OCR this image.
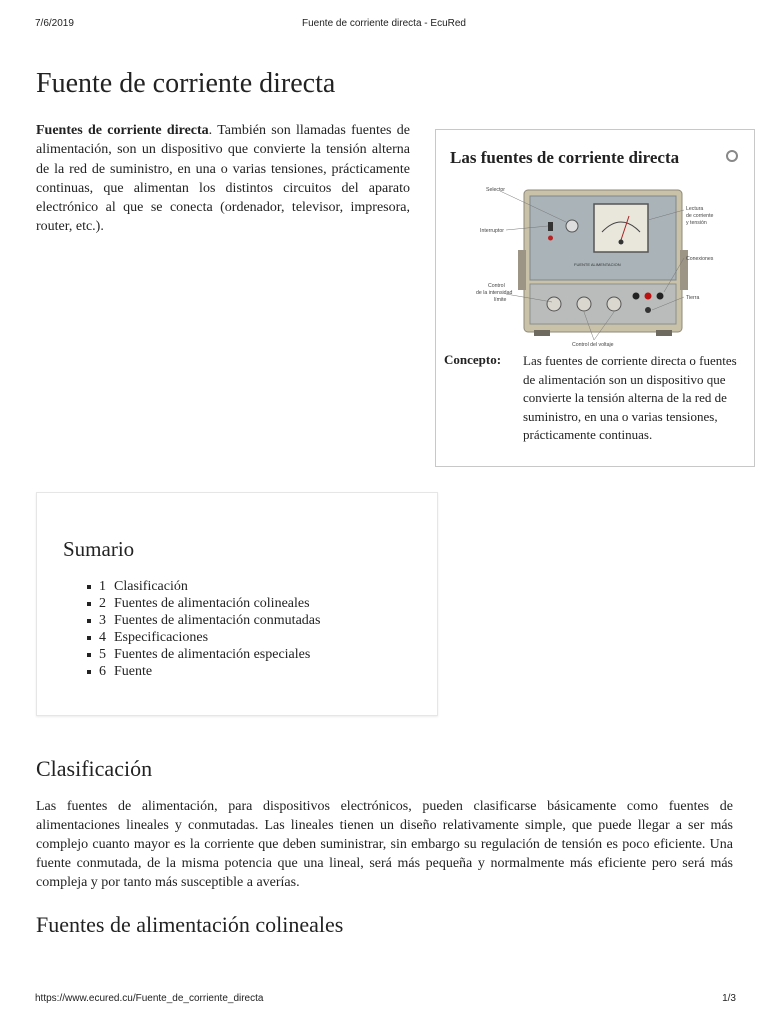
7/6/2019	Fuente de corriente directa - EcuRed
Fuente de corriente directa

Fuentes de corriente directa. También son llamadas fuentes de alimentación, son un dispositivo que convierte la tensión alterna de la red de suministro, en una o varias tensiones, prácticamente continuas, que alimentan los distintos circuitos del aparato electrónico al que se conecta (ordenador, televisor, impresora, router, etc.).

Las fuentes de corriente directa
FUENTE ALIMENTACION
Selector
Interruptor
Lectura
de corriente
y tensión
Conexiones
Control
de la intensidad
límite	Tierra
Control del voltaje
Concepto: Las fuentes de corriente directa o fuentes de alimentación son un dispositivo que convierte la tensión alterna de la red de suministro, en una o varias tensiones, prácticamente continuas.
Sumario
1 Clasificación
2 Fuentes de alimentación colineales
3 Fuentes de alimentación conmutadas
4 Especificaciones
5 Fuentes de alimentación especiales
6 Fuente
Clasificación

Las fuentes de alimentación, para dispositivos electrónicos, pueden clasificarse básicamente como fuentes de alimentaciones lineales y conmutadas. Las lineales tienen un diseño relativamente simple, que puede llegar a ser más complejo cuanto mayor es la corriente que deben suministrar, sin embargo su regulación de tensión es poco eficiente. Una fuente conmutada, de la misma potencia que una lineal, será más pequeña y normalmente más eficiente pero será más compleja y por tanto más susceptible a averías.

Fuentes de alimentación colineales
https://www.ecured.cu/Fuente_de_corriente_directa	1/3
